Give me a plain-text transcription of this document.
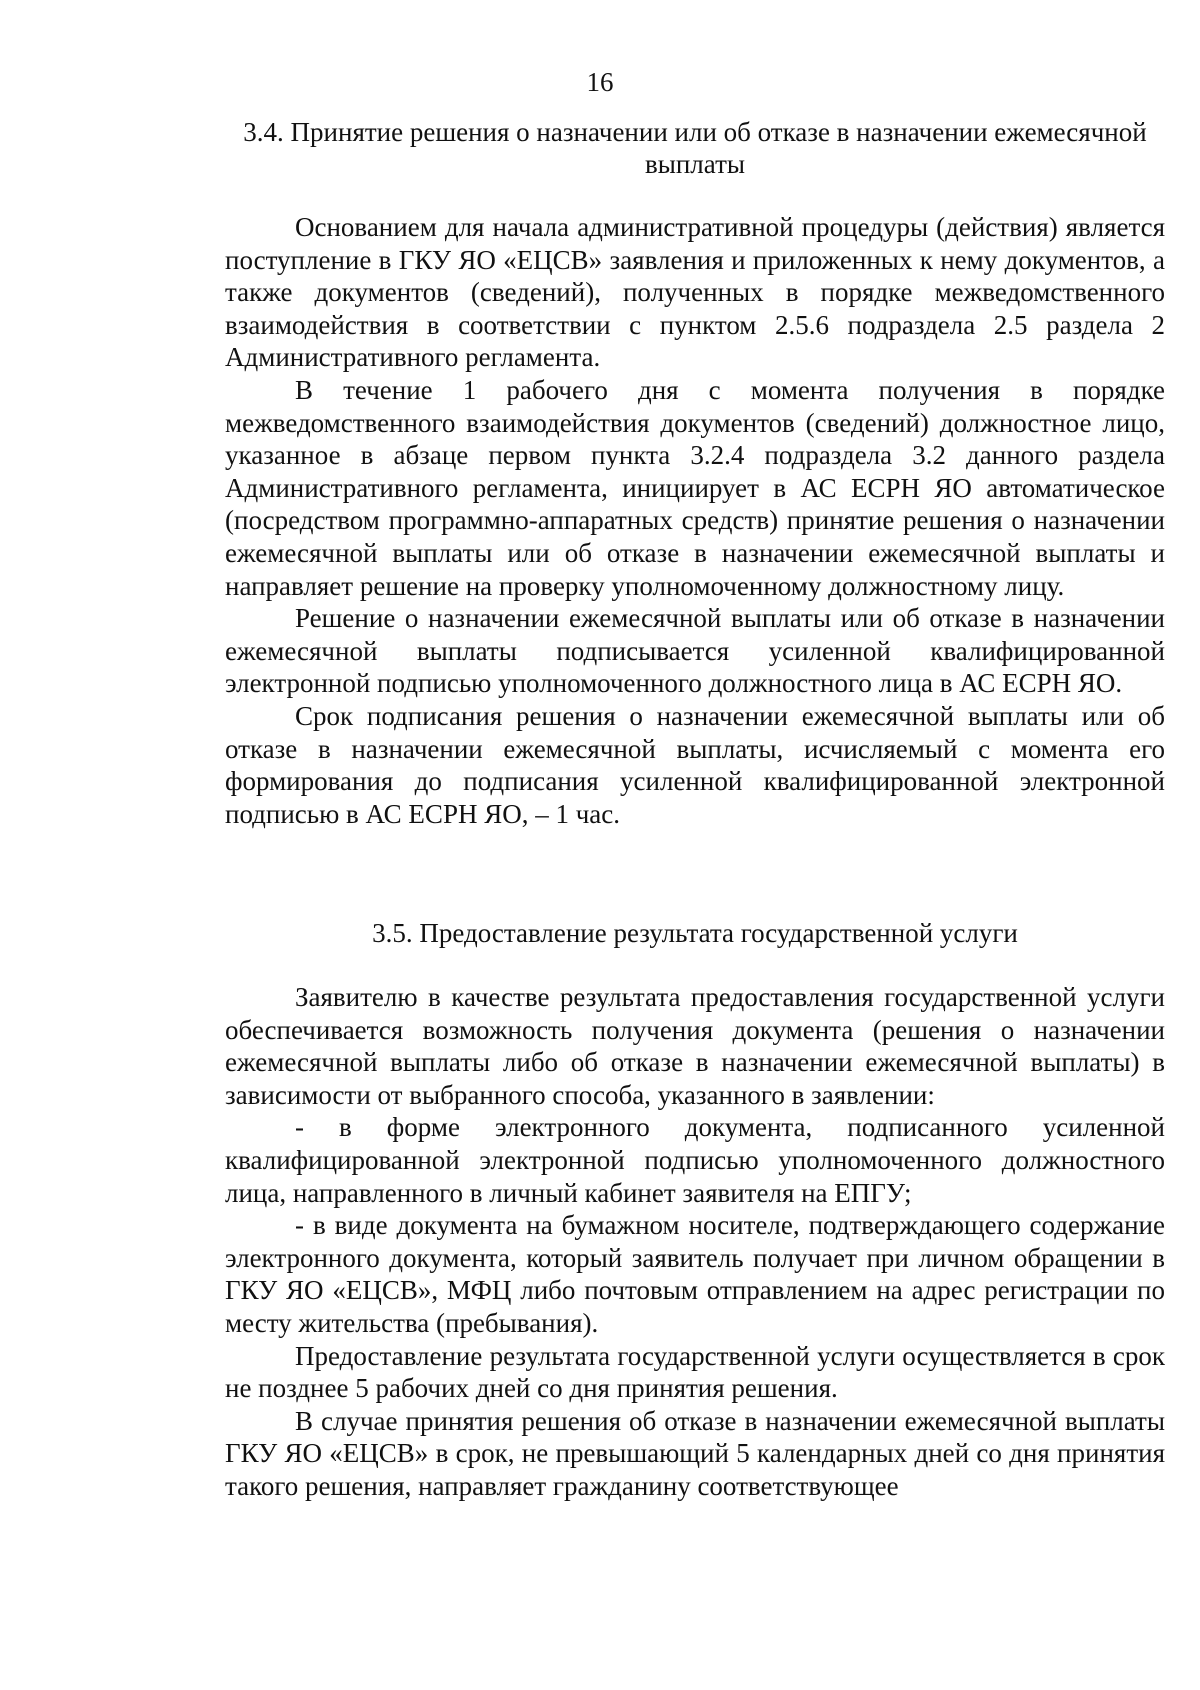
16
3.4. Принятие решения о назначении или об отказе в назначении ежемесячной выплаты

Основанием для начала административной процедуры (действия) является поступление в ГКУ ЯО «ЕЦСВ» заявления и приложенных к нему документов, а также документов (сведений), полученных в порядке межведомственного взаимодействия в соответствии с пунктом 2.5.6 подраздела 2.5 раздела 2 Административного регламента.

В течение 1 рабочего дня с момента получения в порядке межведомственного взаимодействия документов (сведений) должностное лицо, указанное в абзаце первом пункта 3.2.4 подраздела 3.2 данного раздела Административного регламента, инициирует в АС ЕСРН ЯО автоматическое (посредством программно-аппаратных средств) принятие решения о назначении ежемесячной выплаты или об отказе в назначении ежемесячной выплаты и направляет решение на проверку уполномоченному должностному лицу.

Решение о назначении ежемесячной выплаты или об отказе в назначении ежемесячной выплаты подписывается усиленной квалифицированной электронной подписью уполномоченного должностного лица в АС ЕСРН ЯО.

Срок подписания решения о назначении ежемесячной выплаты или об отказе в назначении ежемесячной выплаты, исчисляемый с момента его формирования до подписания усиленной квалифицированной электронной подписью в АС ЕСРН ЯО, – 1 час.

3.5. Предоставление результата государственной услуги

Заявителю в качестве результата предоставления государственной услуги обеспечивается возможность получения документа (решения о назначении ежемесячной выплаты либо об отказе в назначении ежемесячной выплаты) в зависимости от выбранного способа, указанного в заявлении:

- в форме электронного документа, подписанного усиленной квалифицированной электронной подписью уполномоченного должностного лица, направленного в личный кабинет заявителя на ЕПГУ;

- в виде документа на бумажном носителе, подтверждающего содержание электронного документа, который заявитель получает при личном обращении в ГКУ ЯО «ЕЦСВ», МФЦ либо почтовым отправлением на адрес регистрации по месту жительства (пребывания).

Предоставление результата государственной услуги осуществляется в срок не позднее 5 рабочих дней со дня принятия решения.

В случае принятия решения об отказе в назначении ежемесячной выплаты ГКУ ЯО «ЕЦСВ» в срок, не превышающий 5 календарных дней со дня принятия такого решения, направляет гражданину соответствующее
